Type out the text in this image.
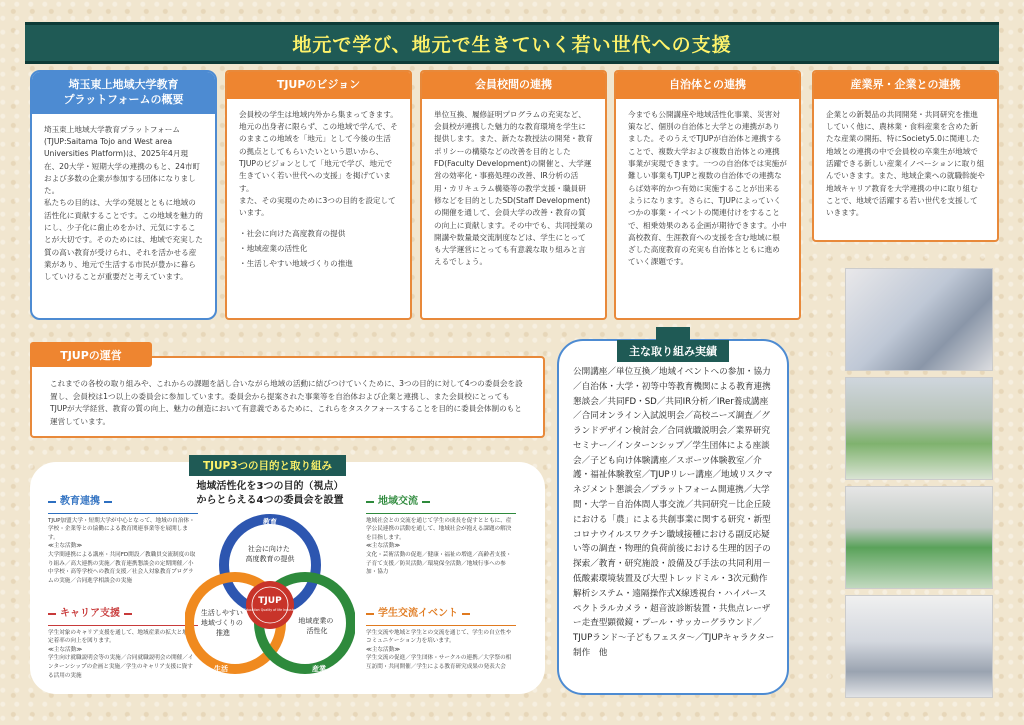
地元で学び、地元で生きていく若い世代への支援
埼玉東上地域大学教育
プラットフォームの概要
埼玉東上地域大学教育プラットフォーム(TJUP:Saitama Tojo and West area Universities Platform)は、2025年4月現在、20大学・短期大学の連携のもと、24市町および多数の企業が参加する団体になりました。
私たちの目的は、大学の発展とともに地域の活性化に貢献することです。この地域を魅力的にし、少子化に歯止めをかけ、元気にすることが大切です。そのためには、地域で充実した質の高い教育が受けられ、それを活かせる産業があり、地元で生活する市民が豊かに暮らしていけることが重要だと考えています。
TJUPのビジョン
会員校の学生は地域内外から集まってきます。地元の出身者に限らず、この地域で学んで、そのままこの地域を「地元」として今後の生活の拠点としてもらいたいという思いから、TJUPのビジョンとして「地元で学び、地元で生きていく若い世代への支援」を掲げています。
また、その実現のために3つの目的を設定しています。
・ 社会に向けた高度教育の提供
・ 地域産業の活性化
・ 生活しやすい地域づくりの推進
会員校間の連携
単位互換、履修証明プログラムの充実など、会員校が連携した魅力的な教育環境を学生に提供します。また、新たな教授法の開発・教育ポリシーの構築などの改善を目的としたFD(Faculty Development)の開催と、大学運営の効率化・事務処理の改善、IR分析の活用・カリキュラム構築等の教学支援・職員研修などを目的としたSD(Staff Development)の開催を通して、会員大学の改善・教育の質の向上に貢献します。その中でも、共同授業の開講や数量最交流制度などは、学生にとっても大学運営にとっても有意義な取り組みと言えるでしょう。
自治体との連携
今までも公開講座や地域活性化事業、災害対策など、個別の自治体と大学との連携がありました。そのうえでTJUPが自治体と連携することで、複数大学および複数自治体との連携事業が実現できます。一つの自治体では実施が難しい事業もTJUPと複数の自治体での連携ならば効率的かつ有効に実施することが出来るようになります。さらに、TJUPによっていくつかの事業・イベントの関連付けをすることで、相乗効果のある企画が期待できます。小中高校教育、生涯教育への支援を含む地域に根ざした高度教育の充実も自治体とともに進めていく課題です。
産業界・企業との連携
企業との新製品の共同開発・共同研究を推進していく他に、農林業・食料産業を含めた新たな産業の開拓、特にSociety5.0に関連した地域との連携の中で会員校の卒業生が地域で活躍できる新しい産業イノベーションに取り組んでいきます。また、地域企業への就職斡旋や地域キャリア教育を大学連携の中に取り組むことで、地域で活躍する若い世代を支援していきます。
TJUPの運営
これまでの各校の取り組みや、これからの課題を話し合いながら地域の活動に結びつけていくために、3つの目的に対して4つの委員会を設置し、会員校は1つ以上の委員会に参加しています。委員会から提案された事業等を自治体および企業と連携し、また会員校にとってもTJUPが大学経営、教育の質の向上、魅力の創造において有意義であるために、これらをタスクフォースすることを目的に委員会体制のもと運営しています。
主な取り組み実績
公開講座／単位互換／地域イベントへの参加・協力／自治体・大学・初等中等教育機関による教育連携懇談会／共同FD・SD／共同IR分析／IRer養成講座／合同オンライン入試説明会／高校ニーズ調査／グランドデザイン検討会／合同就職説明会／業界研究セミナー／インターンシップ／学生団体による座談会／子ども向け体験講座／スポーツ体験教室／介護・福祉体験教室／TJUPリレー講座／地域リスクマネジメント懇談会／プラットフォーム開連携／大学間・大学－自治体間人事交流／共同研究－比企丘陵における「農」による共創事業に関する研究・新型コロナウイルスワクチン職域接種における副反応疑い等の調査・物理的負荷前後における生理的因子の探索／教育・研究施設・設備及び手法の共同利用－低酸素環境装置及び大型トレッドミル・3次元動作解析システム・遠隔操作式X線透視台・ハイパースペクトラルカメラ・超音波診断装置・共焦点レーザー走査型顕微鏡・プール・サッカーグラウンド／TJUPランド～子どもフェスタ～／TJUPキャラクター制作　他
TJUP3つの目的と取り組み
地域活性化を3つの目的（視点）
からとらえる4つの委員会を設置
教育連携
TJUP加盟大学・短期大学が中心となって、地域の自治体・学校・企業等との協働による教育関連事業等を展開します。
≪主な活動≫
大学間連携による講座・共同FD開設／教職員交流制度の取り組み／高大連携の実施／教育連携懇談会の定期開催／小中学校・高等学校への教育支援／社会人対象教育プログラムの実施／合同進学相談会の実施
地域交流
地域社会との交流を通じて学生の成長を促すとともに、産学公民連携の活動を通して、地域社会が抱える課題の解決を目指します。
≪主な活動≫
文化・芸術活動の促進／健康・福祉の増進／高齢者支援・子育て支援／防災活動／環境保全活動／地域行事への参加・協力
キャリア支援
学生対象のキャリア支援を通して、地域産業の拡大と地元定着率の向上を図ります。
≪主な活動≫
学生向け就職説明会等の実施／合同就職説明会の開催／インターンシップの企画と実施／学生のキャリア支援に資する活用の実施
学生交流イベント
学生交流や地域と学生との交流を通じて、学生の自立性やコミュニケーション力を培います。
≪主な活動≫
学生交流の促進／学生団体・サークルの連携／大学祭の相互訪問・共同開催／学生による教育研究成果の発表大会
TJUP
Education Quality of life Industry
教育
生活	産業
社会に向けた 高度教育の提供
生活しやすい 地域づくりの 推進
地域産業の 活性化
